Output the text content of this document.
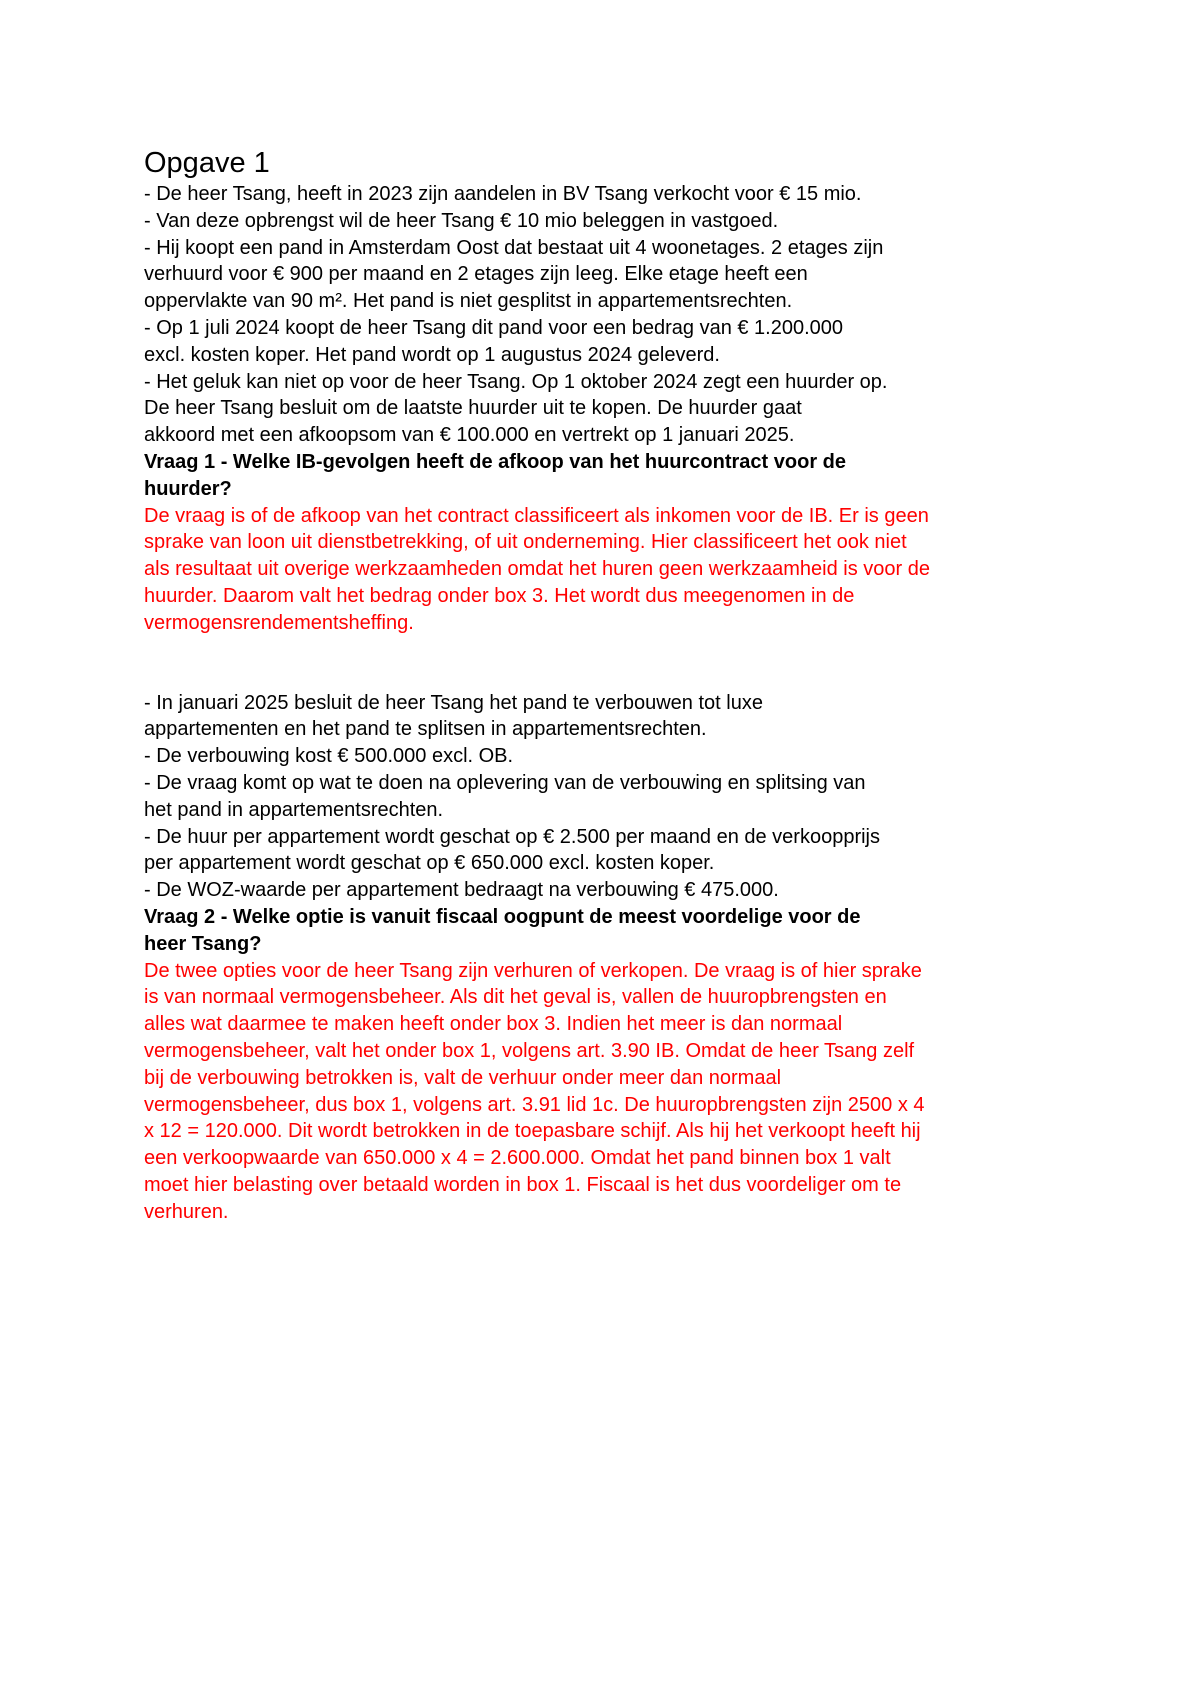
Opgave 1
- De heer Tsang, heeft in 2023 zijn aandelen in BV Tsang verkocht voor € 15 mio.
- Van deze opbrengst wil de heer Tsang € 10 mio beleggen in vastgoed.
- Hij koopt een pand in Amsterdam Oost dat bestaat uit 4 woonetages. 2 etages zijn
verhuurd voor € 900 per maand en 2 etages zijn leeg. Elke etage heeft een
oppervlakte van 90 m². Het pand is niet gesplitst in appartementsrechten.
- Op 1 juli 2024 koopt de heer Tsang dit pand voor een bedrag van € 1.200.000
excl. kosten koper. Het pand wordt op 1 augustus 2024 geleverd.
- Het geluk kan niet op voor de heer Tsang. Op 1 oktober 2024 zegt een huurder op.
De heer Tsang besluit om de laatste huurder uit te kopen. De huurder gaat
akkoord met een afkoopsom van € 100.000 en vertrekt op 1 januari 2025.
Vraag 1 - Welke IB-gevolgen heeft de afkoop van het huurcontract voor de
huurder?
De vraag is of de afkoop van het contract classificeert als inkomen voor de IB. Er is geen
sprake van loon uit dienstbetrekking, of uit onderneming. Hier classificeert het ook niet
als resultaat uit overige werkzaamheden omdat het huren geen werkzaamheid is voor de
huurder. Daarom valt het bedrag onder box 3. Het wordt dus meegenomen in de
vermogensrendementsheffing.
- In januari 2025 besluit de heer Tsang het pand te verbouwen tot luxe
appartementen en het pand te splitsen in appartementsrechten.
- De verbouwing kost € 500.000 excl. OB.
- De vraag komt op wat te doen na oplevering van de verbouwing en splitsing van
het pand in appartementsrechten.
- De huur per appartement wordt geschat op € 2.500 per maand en de verkoopprijs
per appartement wordt geschat op € 650.000 excl. kosten koper.
- De WOZ-waarde per appartement bedraagt na verbouwing € 475.000.
Vraag 2 - Welke optie is vanuit fiscaal oogpunt de meest voordelige voor de
heer Tsang?
De twee opties voor de heer Tsang zijn verhuren of verkopen. De vraag is of hier sprake
is van normaal vermogensbeheer. Als dit het geval is, vallen de huuropbrengsten en
alles wat daarmee te maken heeft onder box 3. Indien het meer is dan normaal
vermogensbeheer, valt het onder box 1, volgens art. 3.90 IB. Omdat de heer Tsang zelf
bij de verbouwing betrokken is, valt de verhuur onder meer dan normaal
vermogensbeheer, dus box 1, volgens art. 3.91 lid 1c. De huuropbrengsten zijn 2500 x 4
x 12 = 120.000. Dit wordt betrokken in de toepasbare schijf. Als hij het verkoopt heeft hij
een verkoopwaarde van 650.000 x 4 = 2.600.000. Omdat het pand binnen box 1 valt
moet hier belasting over betaald worden in box 1. Fiscaal is het dus voordeliger om te
verhuren.
